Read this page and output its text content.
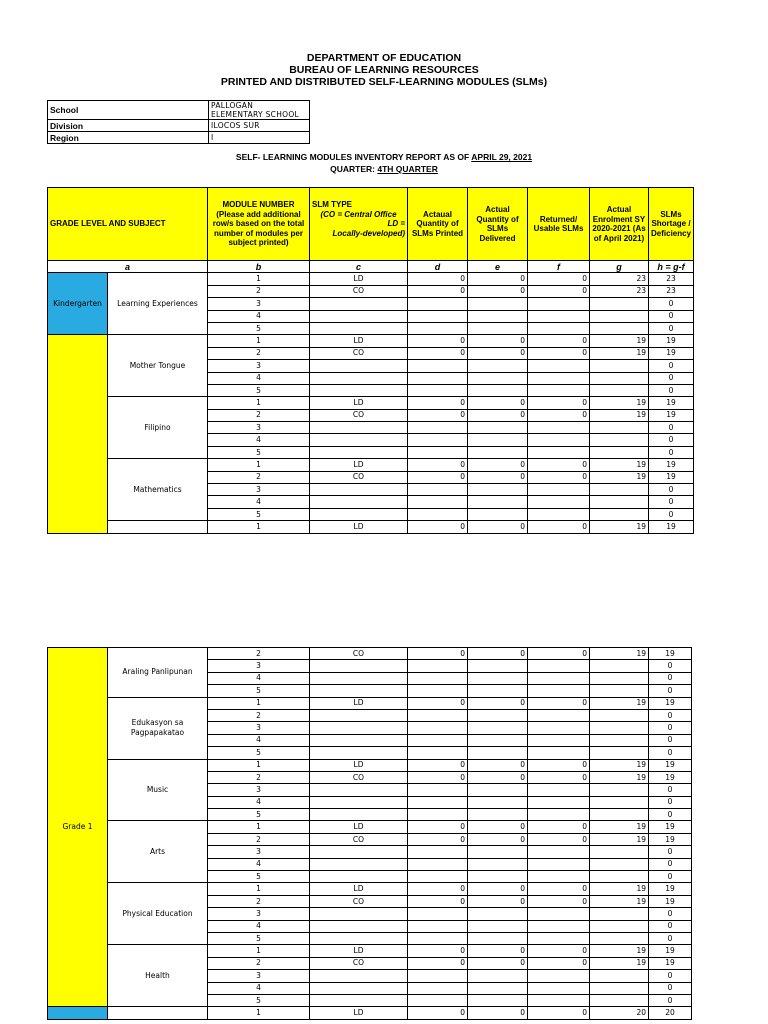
DEPARTMENT OF EDUCATION
BUREAU OF LEARNING RESOURCES
PRINTED AND DISTRIBUTED SELF-LEARNING MODULES (SLMs)
School	PALLOGAN ELEMENTARY SCHOOL
Division	ILOCOS SUR
Region	I
SELF- LEARNING MODULES INVENTORY REPORT AS OF APRIL 29, 2021
QUARTER: 4TH QUARTER
GRADE LEVEL AND SUBJECT		MODULE NUMBER (Please add additional row/s based on the total number of modules per subject printed)	SLM TYPE
(CO = Central Office
LD =
Locally-developed)	Actaual Quantity of SLMs Printed	Actual Quantity of SLMs Delivered	Returned/ Usable SLMs	Actual Enrolment SY 2020-2021 (As of April 2021)	SLMs Shortage / Deficiency
a		b	c	d	e	f	g	h = g-f
Kindergarten	Learning Experiences	1	LD	0	0	0	23	23
		2	CO	0	0	0	23	23
		3						0
		4						0
		5						0
	Mother Tongue	1	LD	0	0	0	19	19
		2	CO	0	0	0	19	19
		3						0
		4						0
		5						0
	Filipino	1	LD	0	0	0	19	19
		2	CO	0	0	0	19	19
		3						0
		4						0
		5						0
	Mathematics	1	LD	0	0	0	19	19
		2	CO	0	0	0	19	19
		3						0
		4						0
		5						0
		1	LD	0	0	0	19	19
Grade 1	Araling Panlipunan	2	CO	0	0	0	19	19
		3						0
		4						0
		5						0
	Edukasyon sa Pagpapakatao	1	LD	0	0	0	19	19
		2						0
		3						0
		4						0
		5						0
	Music	1	LD	0	0	0	19	19
		2	CO	0	0	0	19	19
		3						0
		4						0
		5						0
	Arts	1	LD	0	0	0	19	19
		2	CO	0	0	0	19	19
		3						0
		4						0
		5						0
	Physical Education	1	LD	0	0	0	19	19
		2	CO	0	0	0	19	19
		3						0
		4						0
		5						0
	Health	1	LD	0	0	0	19	19
		2	CO	0	0	0	19	19
		3						0
		4						0
		5						0
		1	LD	0	0	0	20	20
